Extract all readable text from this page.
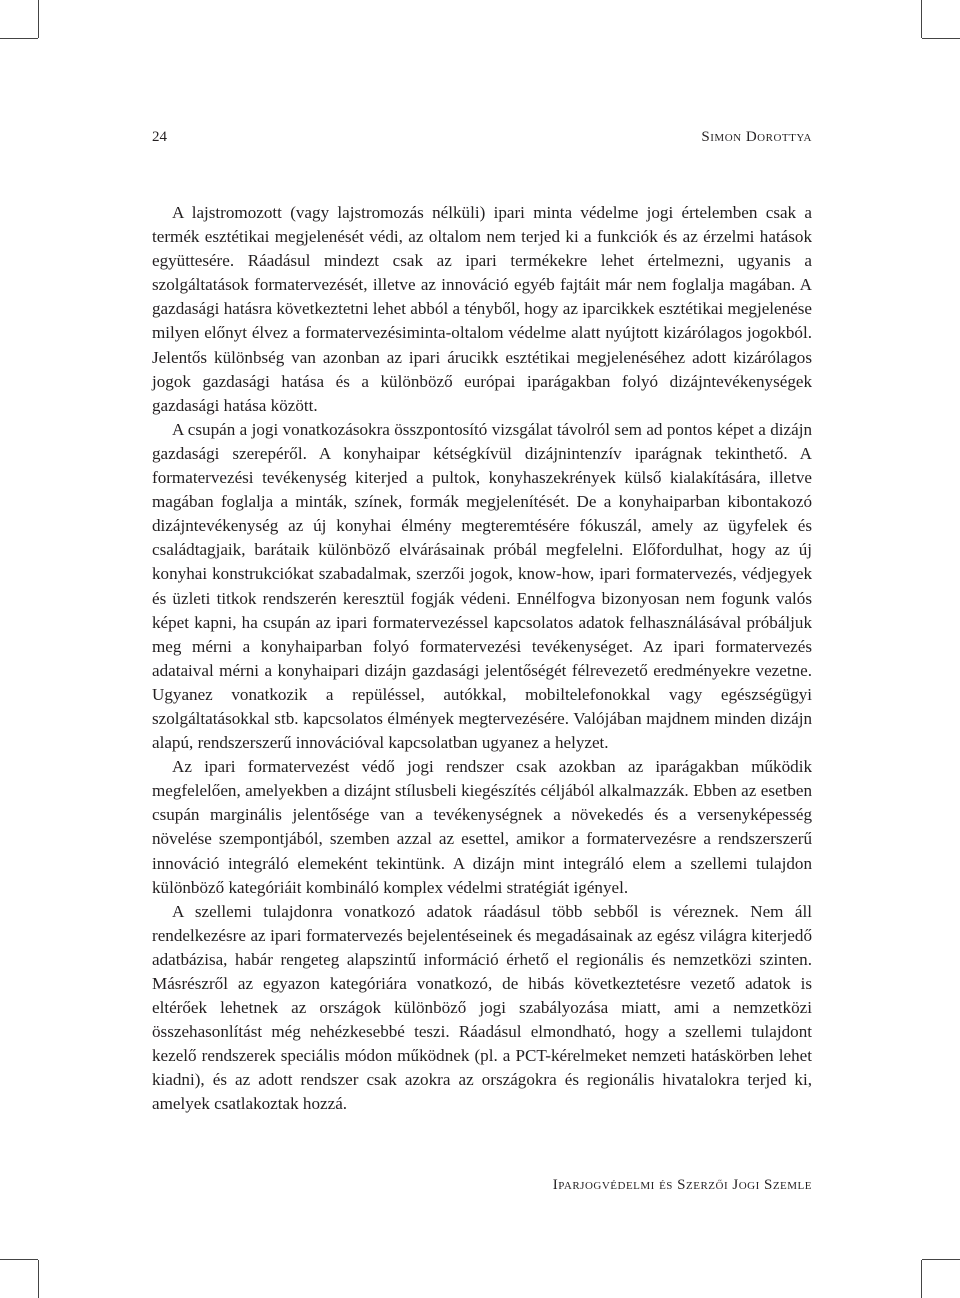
24	Simon Dorottya

A lajstromozott (vagy lajstromozás nélküli) ipari minta védelme jogi értelemben csak a termék esztétikai megjelenését védi, az oltalom nem terjed ki a funkciók és az érzelmi hatások együttesére. Ráadásul mindezt csak az ipari termékekre lehet értelmezni, ugyanis a szolgáltatások formatervezését, illetve az innováció egyéb fajtáit már nem foglalja magában. A gazdasági hatásra következtetni lehet abból a tényből, hogy az iparcikkek esztétikai megjelenése milyen előnyt élvez a formatervezésiminta-oltalom védelme alatt nyújtott kizárólagos jogokból. Jelentős különbség van azonban az ipari árucikk esztétikai megjelenéséhez adott kizárólagos jogok gazdasági hatása és a különböző európai iparágakban folyó dizájntevékenységek gazdasági hatása között.

A csupán a jogi vonatkozásokra összpontosító vizsgálat távolról sem ad pontos képet a dizájn gazdasági szerepéről. A konyhaipar kétségkívül dizájnintenzív iparágnak tekinthető. A formatervezési tevékenység kiterjed a pultok, konyhaszekrények külső kialakítására, illetve magában foglalja a minták, színek, formák megjelenítését. De a konyhaiparban kibontakozó dizájntevékenység az új konyhai élmény megteremtésére fókuszál, amely az ügyfelek és családtagjaik, barátaik különböző elvárásainak próbál megfelelni. Előfordulhat, hogy az új konyhai konstrukciókat szabadalmak, szerzői jogok, know-how, ipari formatervezés, védjegyek és üzleti titkok rendszerén keresztül fogják védeni. Ennélfogva bizonyosan nem fogunk valós képet kapni, ha csupán az ipari formatervezéssel kapcsolatos adatok felhasználásával próbáljuk meg mérni a konyhaiparban folyó formatervezési tevékenységet. Az ipari formatervezés adataival mérni a konyhaipari dizájn gazdasági jelentőségét félrevezető eredményekre vezetne. Ugyanez vonatkozik a repüléssel, autókkal, mobiltelefonokkal vagy egészségügyi szolgáltatásokkal stb. kapcsolatos élmények megtervezésére. Valójában majdnem minden dizájn alapú, rendszerszerű innovációval kapcsolatban ugyanez a helyzet.

Az ipari formatervezést védő jogi rendszer csak azokban az iparágakban működik megfelelően, amelyekben a dizájnt stílusbeli kiegészítés céljából alkalmazzák. Ebben az esetben csupán marginális jelentősége van a tevékenységnek a növekedés és a versenyképesség növelése szempontjából, szemben azzal az esettel, amikor a formatervezésre a rendszerszerű innováció integráló elemeként tekintünk. A dizájn mint integráló elem a szellemi tulajdon különböző kategóriáit kombináló komplex védelmi stratégiát igényel.

A szellemi tulajdonra vonatkozó adatok ráadásul több sebből is véreznek. Nem áll rendelkezésre az ipari formatervezés bejelentéseinek és megadásainak az egész világra kiterjedő adatbázisa, habár rengeteg alapszintű információ érhető el regionális és nemzetközi szinten. Másrészről az egyazon kategóriára vonatkozó, de hibás következtetésre vezető adatok is eltérőek lehetnek az országok különböző jogi szabályozása miatt, ami a nemzetközi összehasonlítást még nehézkesebbé teszi. Ráadásul elmondható, hogy a szellemi tulajdont kezelő rendszerek speciális módon működnek (pl. a PCT-kérelmeket nemzeti hatáskörben lehet kiadni), és az adott rendszer csak azokra az országokra és regionális hivatalokra terjed ki, amelyek csatlakoztak hozzá.

Iparjogvédelmi és Szerzői Jogi Szemle
